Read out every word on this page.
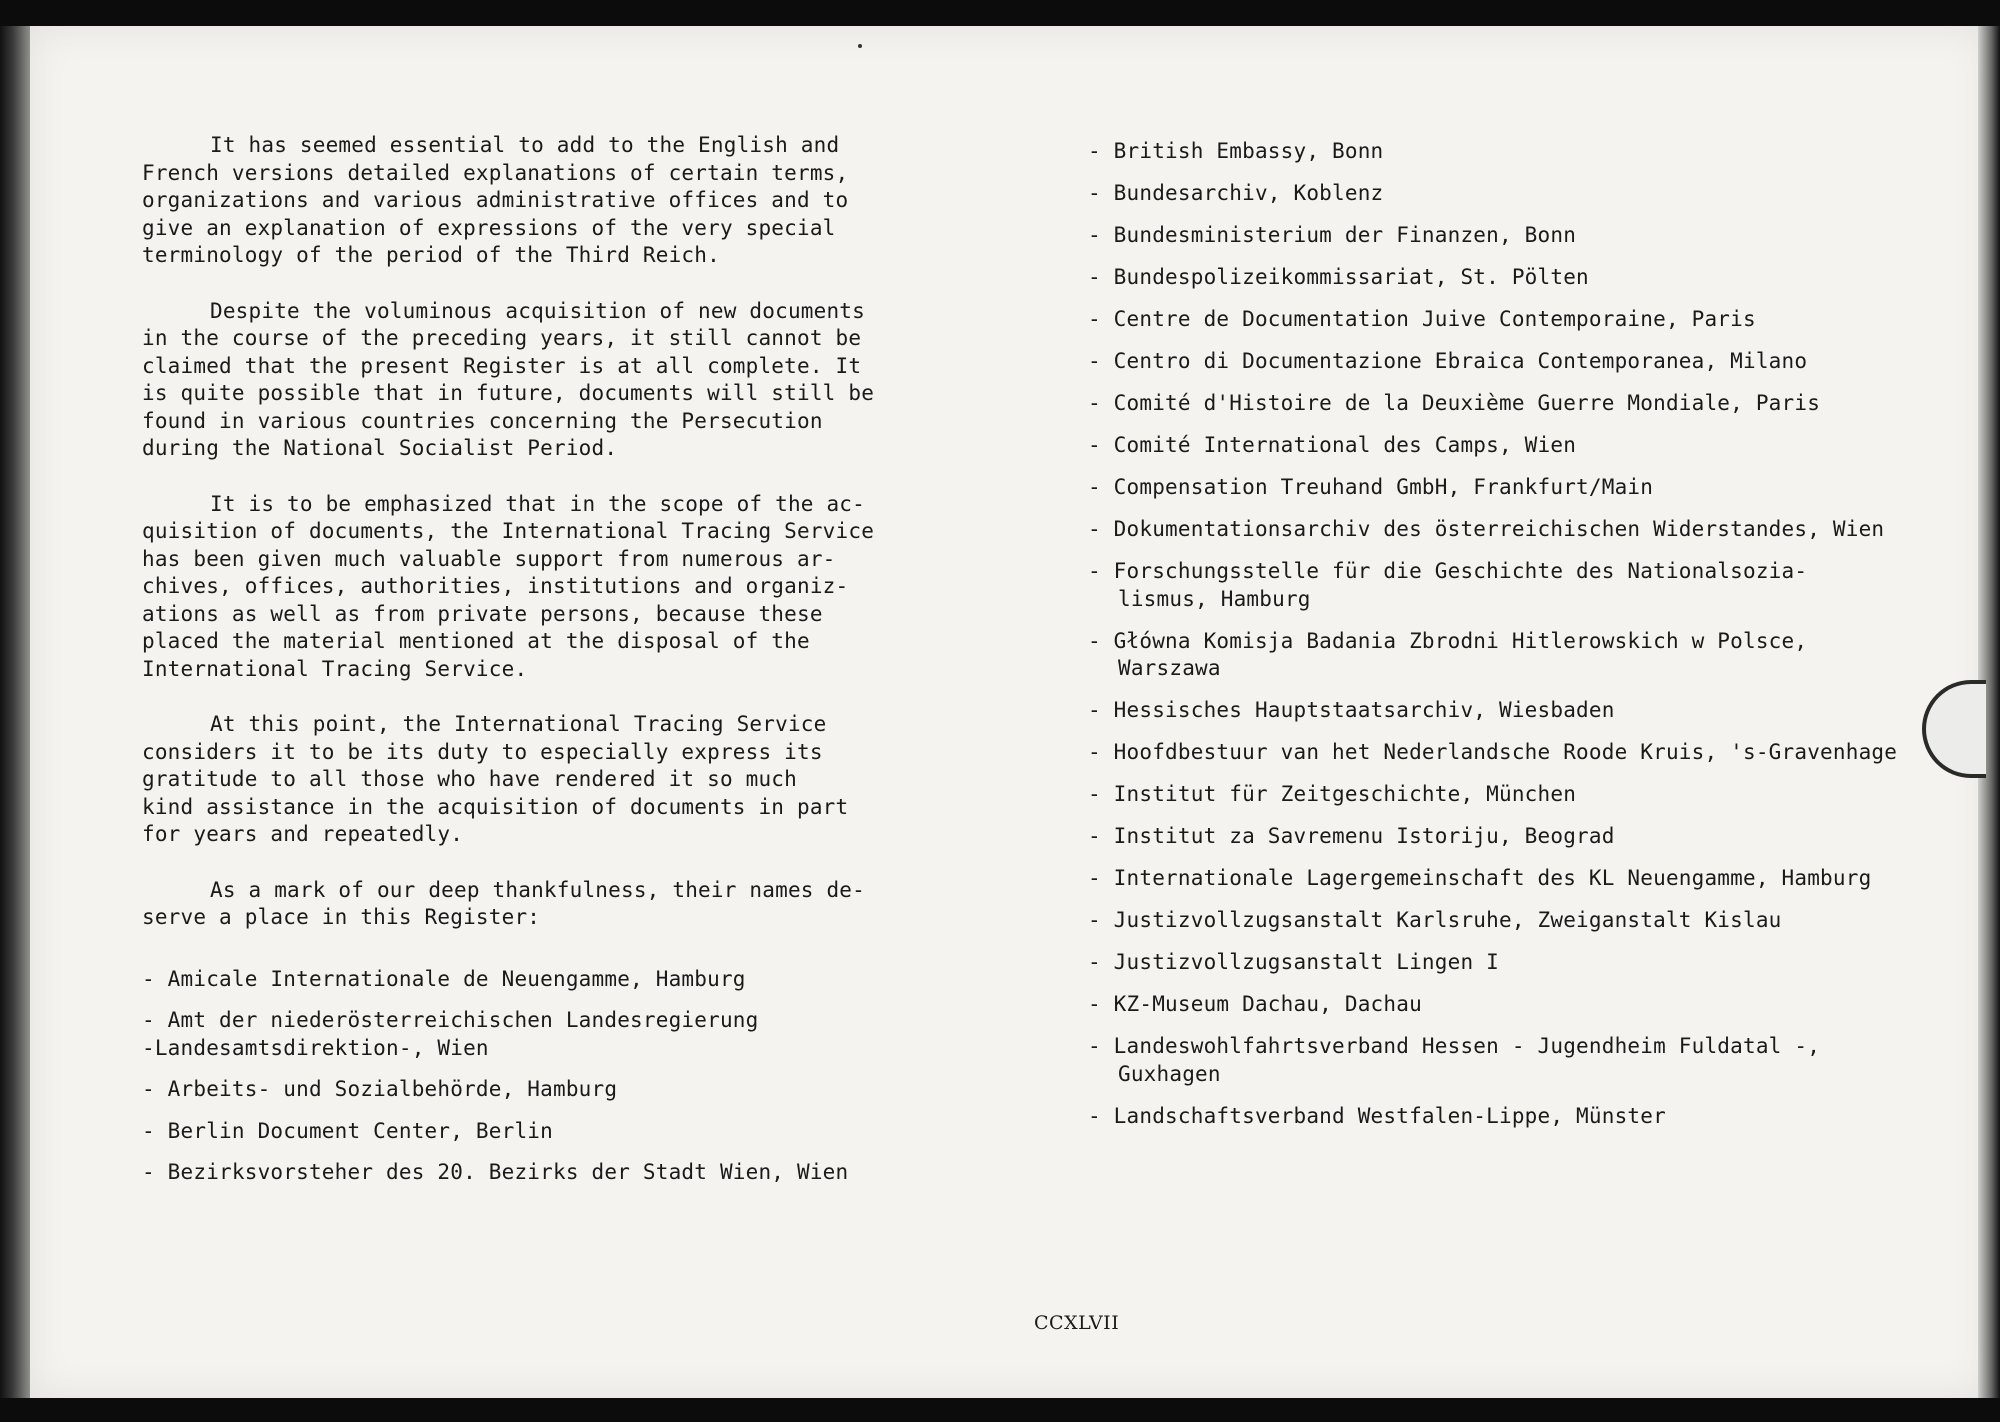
It has seemed essential to add to the English and
French versions detailed explanations of certain terms,
organizations and various administrative offices and to
give an explanation of expressions of the very special
terminology of the period of the Third Reich.

Despite the voluminous acquisition of new documents
in the course of the preceding years, it still cannot be
claimed that the present Register is at all complete. It
is quite possible that in future, documents will still be
found in various countries concerning the Persecution
during the National Socialist Period.

It is to be emphasized that in the scope of the ac-
quisition of documents, the International Tracing Service
has been given much valuable support from numerous ar-
chives, offices, authorities, institutions and organiz-
ations as well as from private persons, because these
placed the material mentioned at the disposal of the
International Tracing Service.

At this point, the International Tracing Service
considers it to be its duty to especially express its
gratitude to all those who have rendered it so much
kind assistance in the acquisition of documents in part
for years and repeatedly.

As a mark of our deep thankfulness, their names de-
serve a place in this Register:

- Amicale Internationale de Neuengamme, Hamburg
- Amt der niederösterreichischen Landesregierung
-Landesamtsdirektion-, Wien
- Arbeits- und Sozialbehörde, Hamburg
- Berlin Document Center, Berlin
- Bezirksvorsteher des 20. Bezirks der Stadt Wien, Wien
- British Embassy, Bonn
- Bundesarchiv, Koblenz
- Bundesministerium der Finanzen, Bonn
- Bundespolizeikommissariat, St. Pölten
- Centre de Documentation Juive Contemporaine, Paris
- Centro di Documentazione Ebraica Contemporanea, Milano
- Comité d'Histoire de la Deuxième Guerre Mondiale, Paris
- Comité International des Camps, Wien
- Compensation Treuhand GmbH, Frankfurt/Main
- Dokumentationsarchiv des österreichischen Widerstandes, Wien
- Forschungsstelle für die Geschichte des Nationalsozia- lismus, Hamburg
- Główna Komisja Badania Zbrodni Hitlerowskich w Polsce, Warszawa
- Hessisches Hauptstaatsarchiv, Wiesbaden
- Hoofdbestuur van het Nederlandsche Roode Kruis, 's-Gravenhage
- Institut für Zeitgeschichte, München
- Institut za Savremenu Istoriju, Beograd
- Internationale Lagergemeinschaft des KL Neuengamme, Hamburg
- Justizvollzugsanstalt Karlsruhe, Zweiganstalt Kislau
- Justizvollzugsanstalt Lingen I
- KZ-Museum Dachau, Dachau
- Landeswohlfahrtsverband Hessen - Jugendheim Fuldatal -, Guxhagen
- Landschaftsverband Westfalen-Lippe, Münster
CCXLVII
